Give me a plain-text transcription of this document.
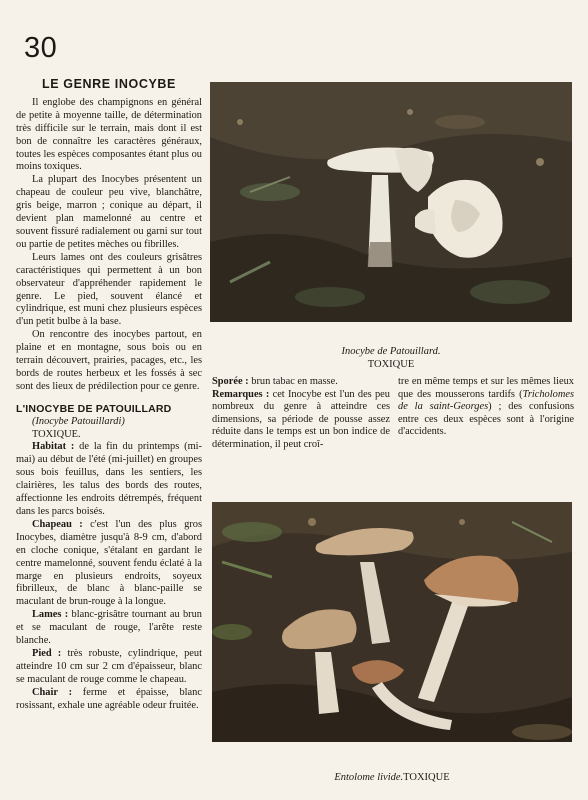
30
LE GENRE INOCYBE

Il englobe des champignons en général de petite à moyenne taille, de détermination très difficile sur le terrain, mais dont il est bon de connaître les caractères généraux, toutes les espèces composantes étant plus ou moins toxiques.

La plupart des Inocybes présentent un chapeau de couleur peu vive, blanchâtre, gris beige, marron ; conique au départ, il devient plan mamelonné au centre et souvent fissuré radialement ou garni sur tout ou partie de petites mèches ou fibrilles.

Leurs lames ont des couleurs grisâtres caractéristiques qui permettent à un bon observateur d'appréhender rapidement le genre. Le pied, souvent élancé et cylindrique, est muni chez plusieurs espèces d'un petit bulbe à la base.

On rencontre des inocybes partout, en plaine et en montagne, sous bois ou en terrain découvert, prairies, pacages, etc., les bords de routes herbeux et les fossés à sec sont des lieux de prédilection pour ce genre.

L'INOCYBE DE PATOUILLARD

(Inocybe Patouillardi)

TOXIQUE.

Habitat : de la fin du printemps (mi-mai) au début de l'été (mi-juillet) en groupes sous bois feuillus, dans les sentiers, les clairières, les talus des bords des routes, affectionne les endroits détrempés, fréquent dans les parcs boisés.

Chapeau : c'est l'un des plus gros Inocybes, diamètre jusqu'à 8-9 cm, d'abord en cloche conique, s'étalant en gardant le centre mamelonné, souvent fendu éclaté à la marge en plusieurs endroits, soyeux fibrilleux, de blanc à blanc-paille se maculant de brun-rouge à la longue.

Lames : blanc-grisâtre tournant au brun et se maculant de rouge, l'arête reste blanche.

Pied : très robuste, cylindrique, peut atteindre 10 cm sur 2 cm d'épaisseur, blanc se maculant de rouge comme le chapeau.

Chair : ferme et épaisse, blanc rosissant, exhale une agréable odeur fruitée.

Inocybe de Patouillard.
TOXIQUE
Sporée : brun tabac en masse.
Remarques : cet Inocybe est l'un des peu nombreux du genre à atteindre ces dimensions, sa période de pousse assez réduite dans le temps est un bon indice de détermination, il peut croî-
tre en même temps et sur les mêmes lieux que des mousserons tardifs (Tricholomes de la saint-Georges) ; des confusions entre ces deux espèces sont à l'origine d'accidents.
Entolome livide.TOXIQUE
